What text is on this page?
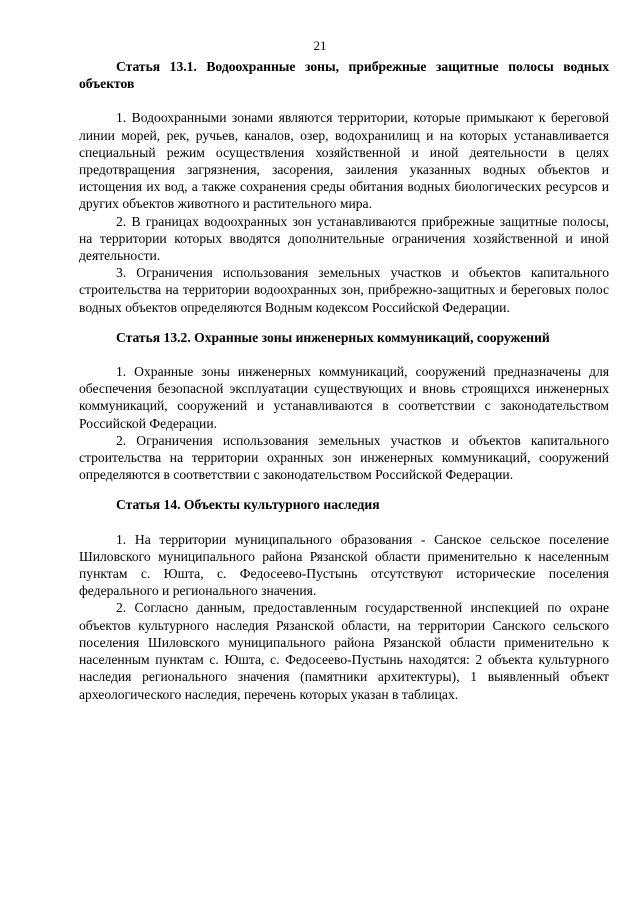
21

Статья 13.1. Водоохранные зоны, прибрежные защитные полосы водных объектов

1. Водоохранными зонами являются территории, которые примыкают к береговой линии морей, рек, ручьев, каналов, озер, водохранилищ и на которых устанавливается специальный режим осуществления хозяйственной и иной деятельности в целях предотвращения загрязнения, засорения, заиления указанных водных объектов и истощения их вод, а также сохранения среды обитания водных биологических ресурсов и других объектов животного и растительного мира.

2. В границах водоохранных зон устанавливаются прибрежные защитные полосы, на территории которых вводятся дополнительные ограничения хозяйственной и иной деятельности.

3. Ограничения использования земельных участков и объектов капитального строительства на территории водоохранных зон, прибрежно-защитных и береговых полос водных объектов определяются Водным кодексом Российской Федерации.

Статья 13.2. Охранные зоны инженерных коммуникаций, сооружений

1. Охранные зоны инженерных коммуникаций, сооружений предназначены для обеспечения безопасной эксплуатации существующих и вновь строящихся инженерных коммуникаций, сооружений и устанавливаются в соответствии с законодательством Российской Федерации.

2. Ограничения использования земельных участков и объектов капитального строительства на территории охранных зон инженерных коммуникаций, сооружений определяются в соответствии с законодательством Российской Федерации.

Статья 14. Объекты культурного наследия

1. На территории муниципального образования - Санское сельское поселение Шиловского муниципального района Рязанской области применительно к населенным пунктам с. Юшта, с. Федосеево-Пустынь отсутствуют исторические поселения федерального и регионального значения.

2. Согласно данным, предоставленным государственной инспекцией по охране объектов культурного наследия Рязанской области, на территории Санского сельского поселения Шиловского муниципального района Рязанской области применительно к населенным пунктам с. Юшта, с. Федосеево-Пустынь находятся: 2 объекта культурного наследия регионального значения (памятники архитектуры), 1 выявленный объект археологического наследия, перечень которых указан в таблицах.
